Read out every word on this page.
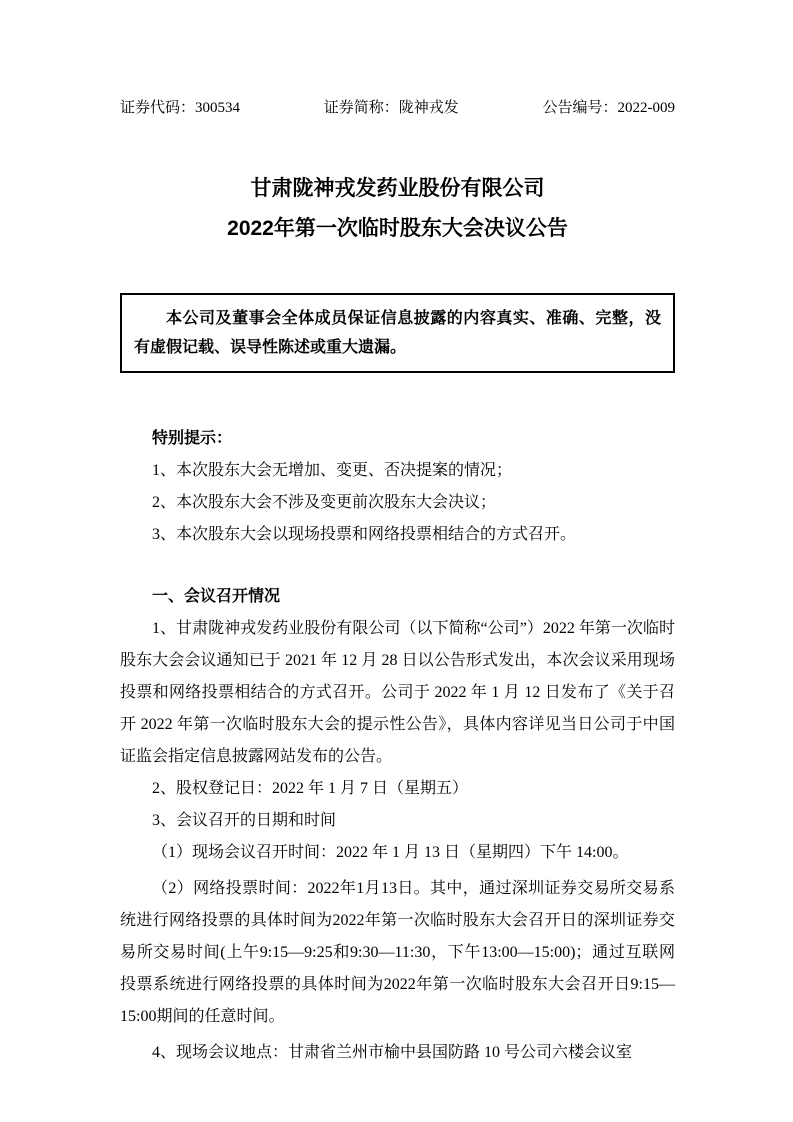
证券代码：300534	证券简称：陇神戎发	公告编号：2022-009
甘肃陇神戎发药业股份有限公司
2022年第一次临时股东大会决议公告

本公司及董事会全体成员保证信息披露的内容真实、准确、完整，没有虚假记载、误导性陈述或重大遗漏。

特别提示：

1、本次股东大会无增加、变更、否决提案的情况；

2、本次股东大会不涉及变更前次股东大会决议；

3、本次股东大会以现场投票和网络投票相结合的方式召开。

一、会议召开情况

1、甘肃陇神戎发药业股份有限公司（以下简称“公司”）2022 年第一次临时股东大会会议通知已于 2021 年 12 月 28 日以公告形式发出，本次会议采用现场投票和网络投票相结合的方式召开。公司于 2022 年 1 月 12 日发布了《关于召开 2022 年第一次临时股东大会的提示性公告》，具体内容详见当日公司于中国证监会指定信息披露网站发布的公告。

2、股权登记日：2022 年 1 月 7 日（星期五）

3、会议召开的日期和时间

（1）现场会议召开时间：2022 年 1 月 13 日（星期四）下午 14:00。

（2）网络投票时间：2022年1月13日。其中，通过深圳证券交易所交易系统进行网络投票的具体时间为2022年第一次临时股东大会召开日的深圳证券交易所交易时间(上午9:15—9:25和9:30—11:30，下午13:00—15:00)；通过互联网投票系统进行网络投票的具体时间为2022年第一次临时股东大会召开日9:15—15:00期间的任意时间。

4、现场会议地点：甘肃省兰州市榆中县国防路 10 号公司六楼会议室
